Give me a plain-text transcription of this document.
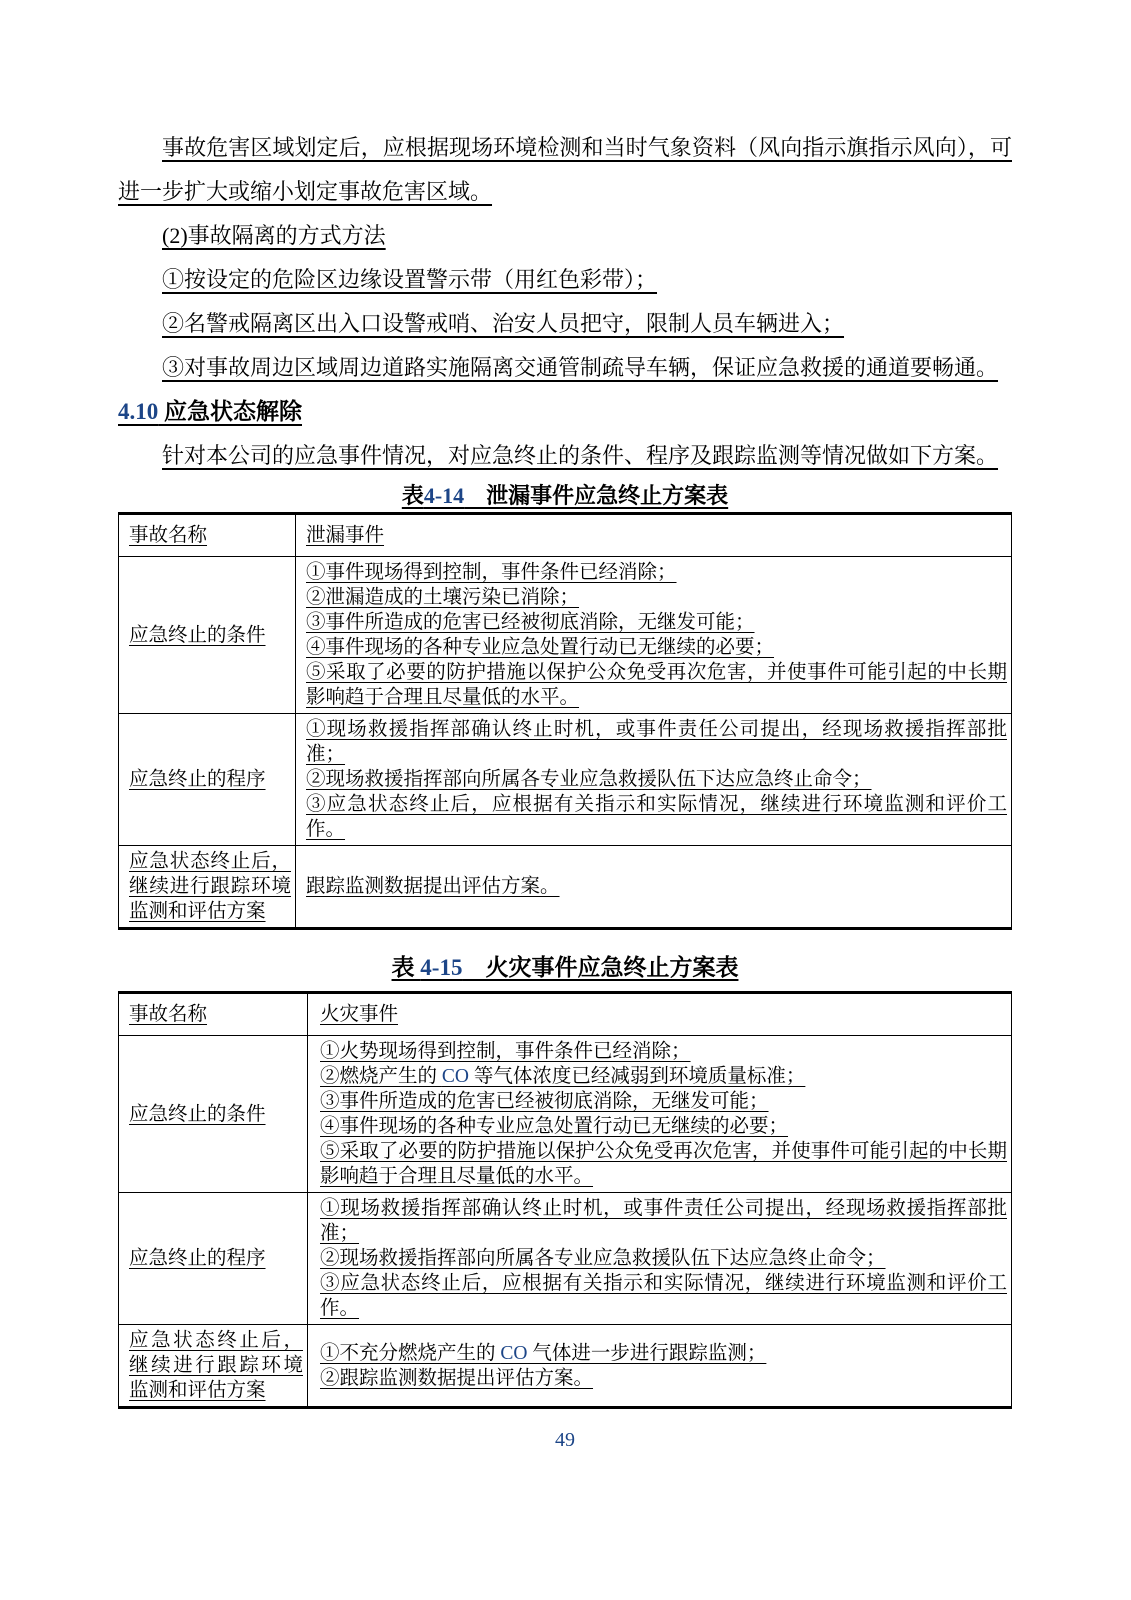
事故危害区域划定后，应根据现场环境检测和当时气象资料（风向指示旗指示风向），可进一步扩大或缩小划定事故危害区域。

(2)事故隔离的方式方法

①按设定的危险区边缘设置警示带（用红色彩带）；

②名警戒隔离区出入口设警戒哨、治安人员把守，限制人员车辆进入；

③对事故周边区域周边道路实施隔离交通管制疏导车辆，保证应急救援的通道要畅通。

4.10 应急状态解除

针对本公司的应急事件情况，对应急终止的条件、程序及跟踪监测等情况做如下方案。

表4-14　泄漏事件应急终止方案表
事故名称	泄漏事件
应急终止的条件	①事件现场得到控制，事件条件已经消除；
②泄漏造成的土壤污染已消除；
③事件所造成的危害已经被彻底消除，无继发可能；
④事件现场的各种专业应急处置行动已无继续的必要；
⑤采取了必要的防护措施以保护公众免受再次危害，并使事件可能引起的中长期影响趋于合理且尽量低的水平。

应急终止的程序	①现场救援指挥部确认终止时机，或事件责任公司提出，经现场救援指挥部批准；
②现场救援指挥部向所属各专业应急救援队伍下达应急终止命令；
③应急状态终止后，应根据有关指示和实际情况，继续进行环境监测和评价工作。

应急状态终止后，继续进行跟踪环境监测和评估方案	跟踪监测数据提出评估方案。
表 4-15　火灾事件应急终止方案表
事故名称	火灾事件
应急终止的条件	①火势现场得到控制，事件条件已经消除；
②燃烧产生的 CO 等气体浓度已经减弱到环境质量标准；
③事件所造成的危害已经被彻底消除，无继发可能；
④事件现场的各种专业应急处置行动已无继续的必要；
⑤采取了必要的防护措施以保护公众免受再次危害，并使事件可能引起的中长期影响趋于合理且尽量低的水平。

应急终止的程序	①现场救援指挥部确认终止时机，或事件责任公司提出，经现场救援指挥部批准；
②现场救援指挥部向所属各专业应急救援队伍下达应急终止命令；
③应急状态终止后，应根据有关指示和实际情况，继续进行环境监测和评价工作。

应急状态终止后，继续进行跟踪环境监测和评估方案	①不充分燃烧产生的 CO 气体进一步进行跟踪监测；
②跟踪监测数据提出评估方案。
49
